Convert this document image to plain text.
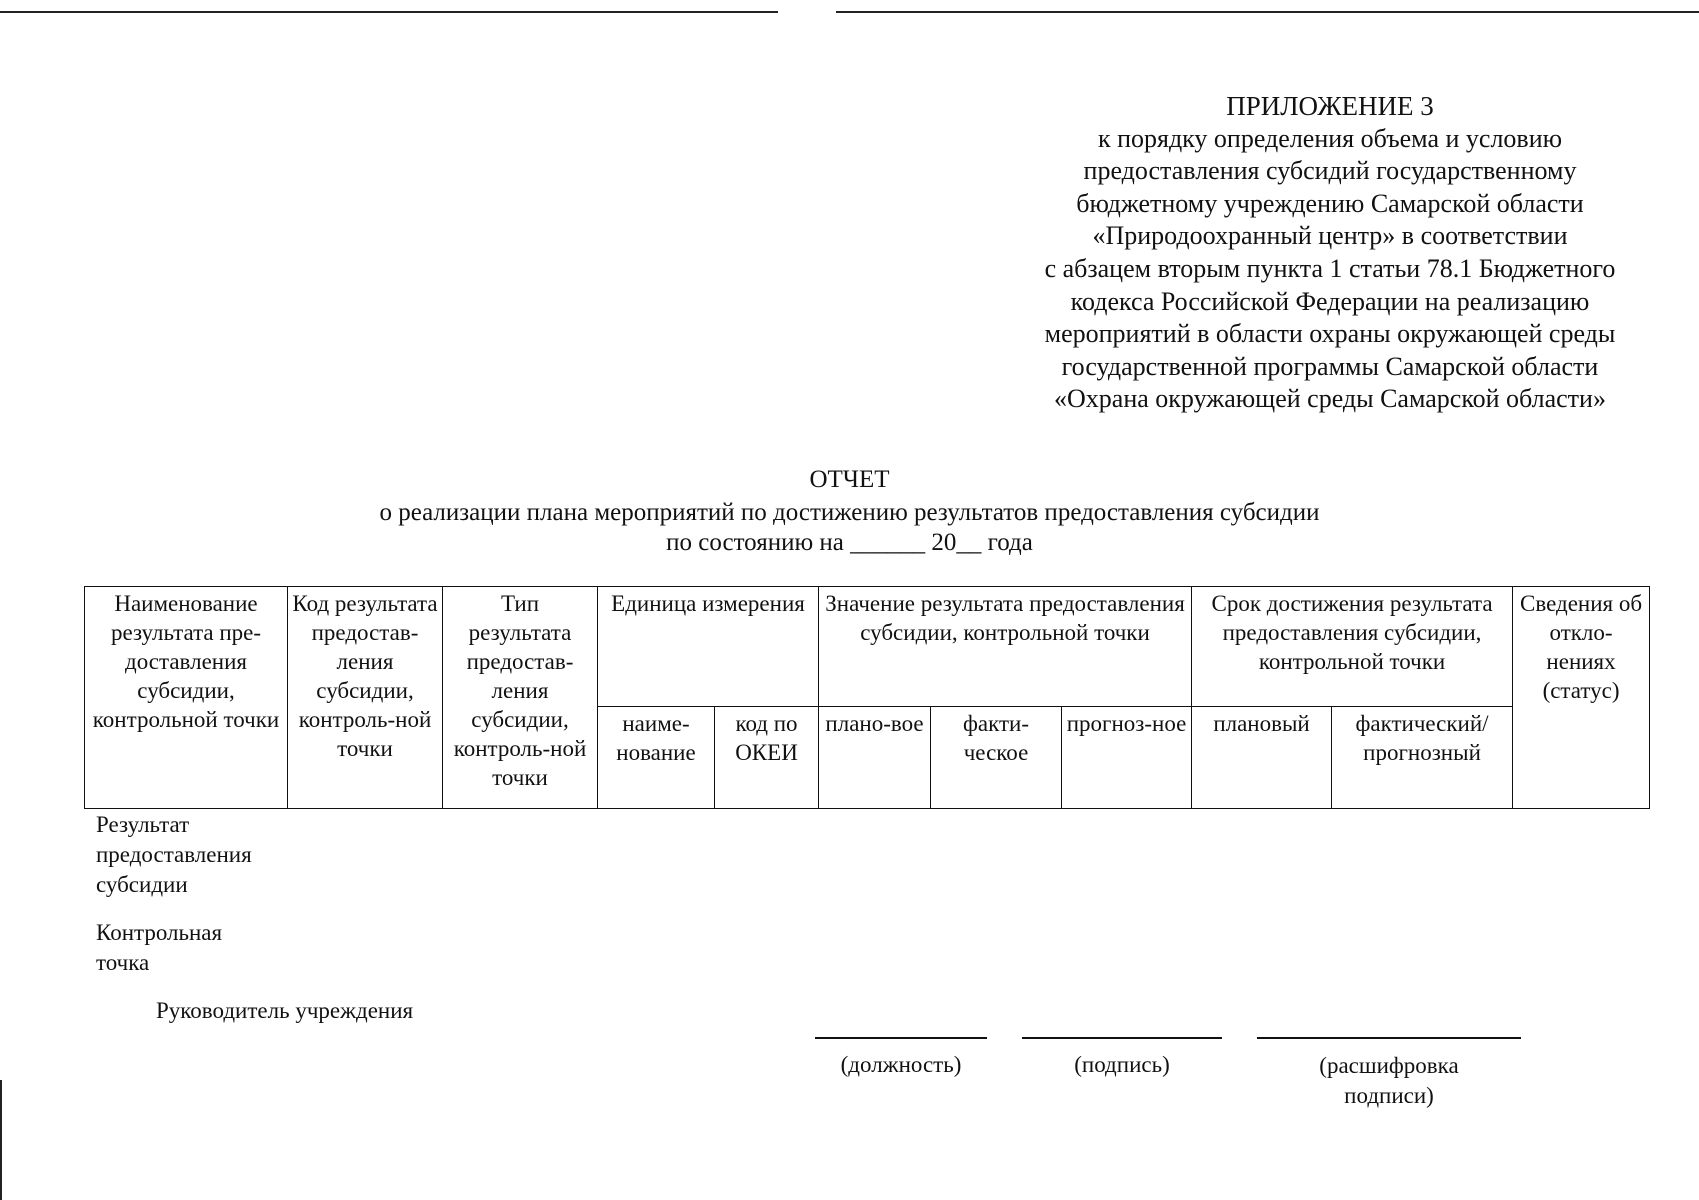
ПРИЛОЖЕНИЕ 3
к порядку определения объема и условию
предоставления субсидий государственному
бюджетному учреждению Самарской области
«Природоохранный центр» в соответствии
с абзацем вторым пункта 1 статьи 78.1 Бюджетного
кодекса Российской Федерации на реализацию
мероприятий в области охраны окружающей среды
государственной программы Самарской области
«Охрана окружающей среды Самарской области»
ОТЧЕТ
о реализации плана мероприятий по достижению результатов предоставления субсидии
по состоянию на ______ 20__ года
Наименование результата пре-доставления субсидии, контрольной точки	Код результата предостав-ления субсидии, контроль-ной точки	Тип результата предостав-ления субсидии, контроль-ной точки	Единица измерения		Значение результата предоставления субсидии, контрольной точки			Срок достижения результата предоставления субсидии, контрольной точки		Сведения об откло-нениях (статус)
			наиме-нование	код по ОКЕИ	плано-вое	факти-ческое	прогноз-ное	плановый	фактический/ прогнозный	
Результат
предоставления
субсидии
Контрольная
точка
Руководитель учреждения
(должность)	(подпись)	(расшифровка
подписи)
